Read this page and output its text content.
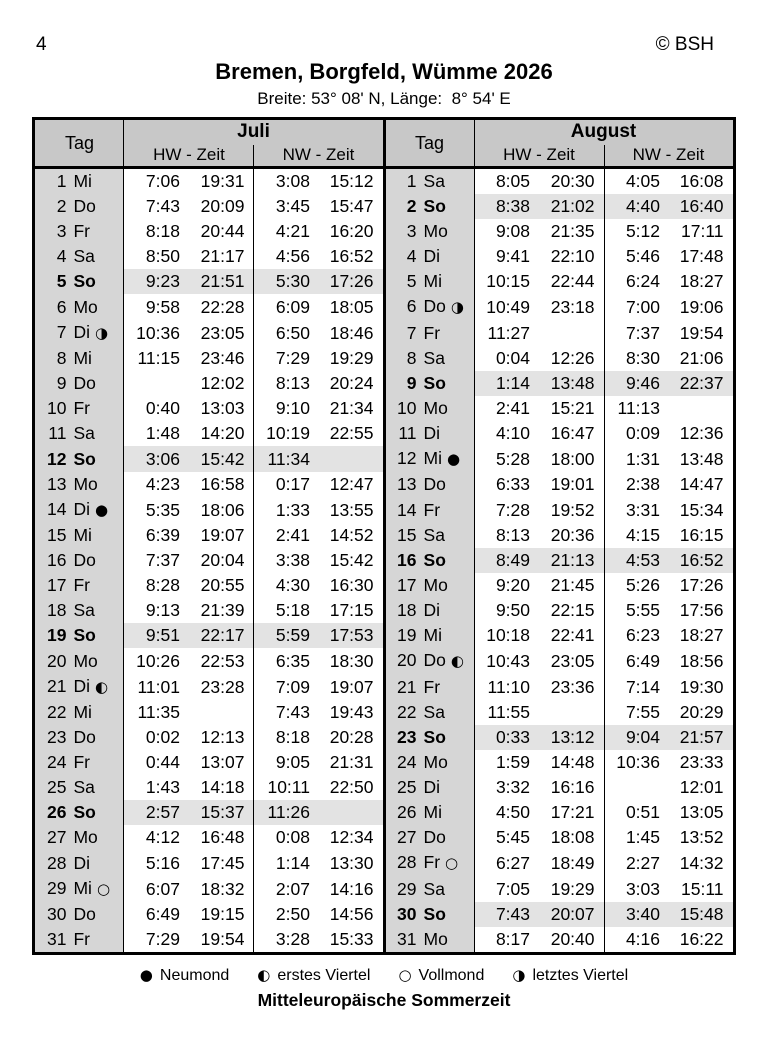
4	© BSH
Bremen, Borgfeld, Wümme 2026
Breite: 53° 08' N, Länge:  8° 54' E
Tag	Juli				Tag	August			
	HW - Zeit		NW - Zeit			HW - Zeit		NW - Zeit	
1 Mi	7:06	19:31	3:08	15:12	1 Sa	8:05	20:30	4:05	16:08
2 Do	7:43	20:09	3:45	15:47	2 So	8:38	21:02	4:40	16:40
3 Fr	8:18	20:44	4:21	16:20	3 Mo	9:08	21:35	5:12	17:11
4 Sa	8:50	21:17	4:56	16:52	4 Di	9:41	22:10	5:46	17:48
5 So	9:23	21:51	5:30	17:26	5 Mi	10:15	22:44	6:24	18:27
6 Mo	9:58	22:28	6:09	18:05	6 Do ◑	10:49	23:18	7:00	19:06
7 Di ◑	10:36	23:05	6:50	18:46	7 Fr	11:27		7:37	19:54
8 Mi	11:15	23:46	7:29	19:29	8 Sa	0:04	12:26	8:30	21:06
9 Do		12:02	8:13	20:24	9 So	1:14	13:48	9:46	22:37
10 Fr	0:40	13:03	9:10	21:34	10 Mo	2:41	15:21	11:13	
11 Sa	1:48	14:20	10:19	22:55	11 Di	4:10	16:47	0:09	12:36
12 So	3:06	15:42	11:34		12 Mi ●	5:28	18:00	1:31	13:48
13 Mo	4:23	16:58	0:17	12:47	13 Do	6:33	19:01	2:38	14:47
14 Di ●	5:35	18:06	1:33	13:55	14 Fr	7:28	19:52	3:31	15:34
15 Mi	6:39	19:07	2:41	14:52	15 Sa	8:13	20:36	4:15	16:15
16 Do	7:37	20:04	3:38	15:42	16 So	8:49	21:13	4:53	16:52
17 Fr	8:28	20:55	4:30	16:30	17 Mo	9:20	21:45	5:26	17:26
18 Sa	9:13	21:39	5:18	17:15	18 Di	9:50	22:15	5:55	17:56
19 So	9:51	22:17	5:59	17:53	19 Mi	10:18	22:41	6:23	18:27
20 Mo	10:26	22:53	6:35	18:30	20 Do ◐	10:43	23:05	6:49	18:56
21 Di ◐	11:01	23:28	7:09	19:07	21 Fr	11:10	23:36	7:14	19:30
22 Mi	11:35		7:43	19:43	22 Sa	11:55		7:55	20:29
23 Do	0:02	12:13	8:18	20:28	23 So	0:33	13:12	9:04	21:57
24 Fr	0:44	13:07	9:05	21:31	24 Mo	1:59	14:48	10:36	23:33
25 Sa	1:43	14:18	10:11	22:50	25 Di	3:32	16:16		12:01
26 So	2:57	15:37	11:26		26 Mi	4:50	17:21	0:51	13:05
27 Mo	4:12	16:48	0:08	12:34	27 Do	5:45	18:08	1:45	13:52
28 Di	5:16	17:45	1:14	13:30	28 Fr ○	6:27	18:49	2:27	14:32
29 Mi ○	6:07	18:32	2:07	14:16	29 Sa	7:05	19:29	3:03	15:11
30 Do	6:49	19:15	2:50	14:56	30 So	7:43	20:07	3:40	15:48
31 Fr	7:29	19:54	3:28	15:33	31 Mo	8:17	20:40	4:16	16:22
● Neumond ◐ erstes Viertel ○ Vollmond ◑ letztes Viertel
Mitteleuropäische Sommerzeit
